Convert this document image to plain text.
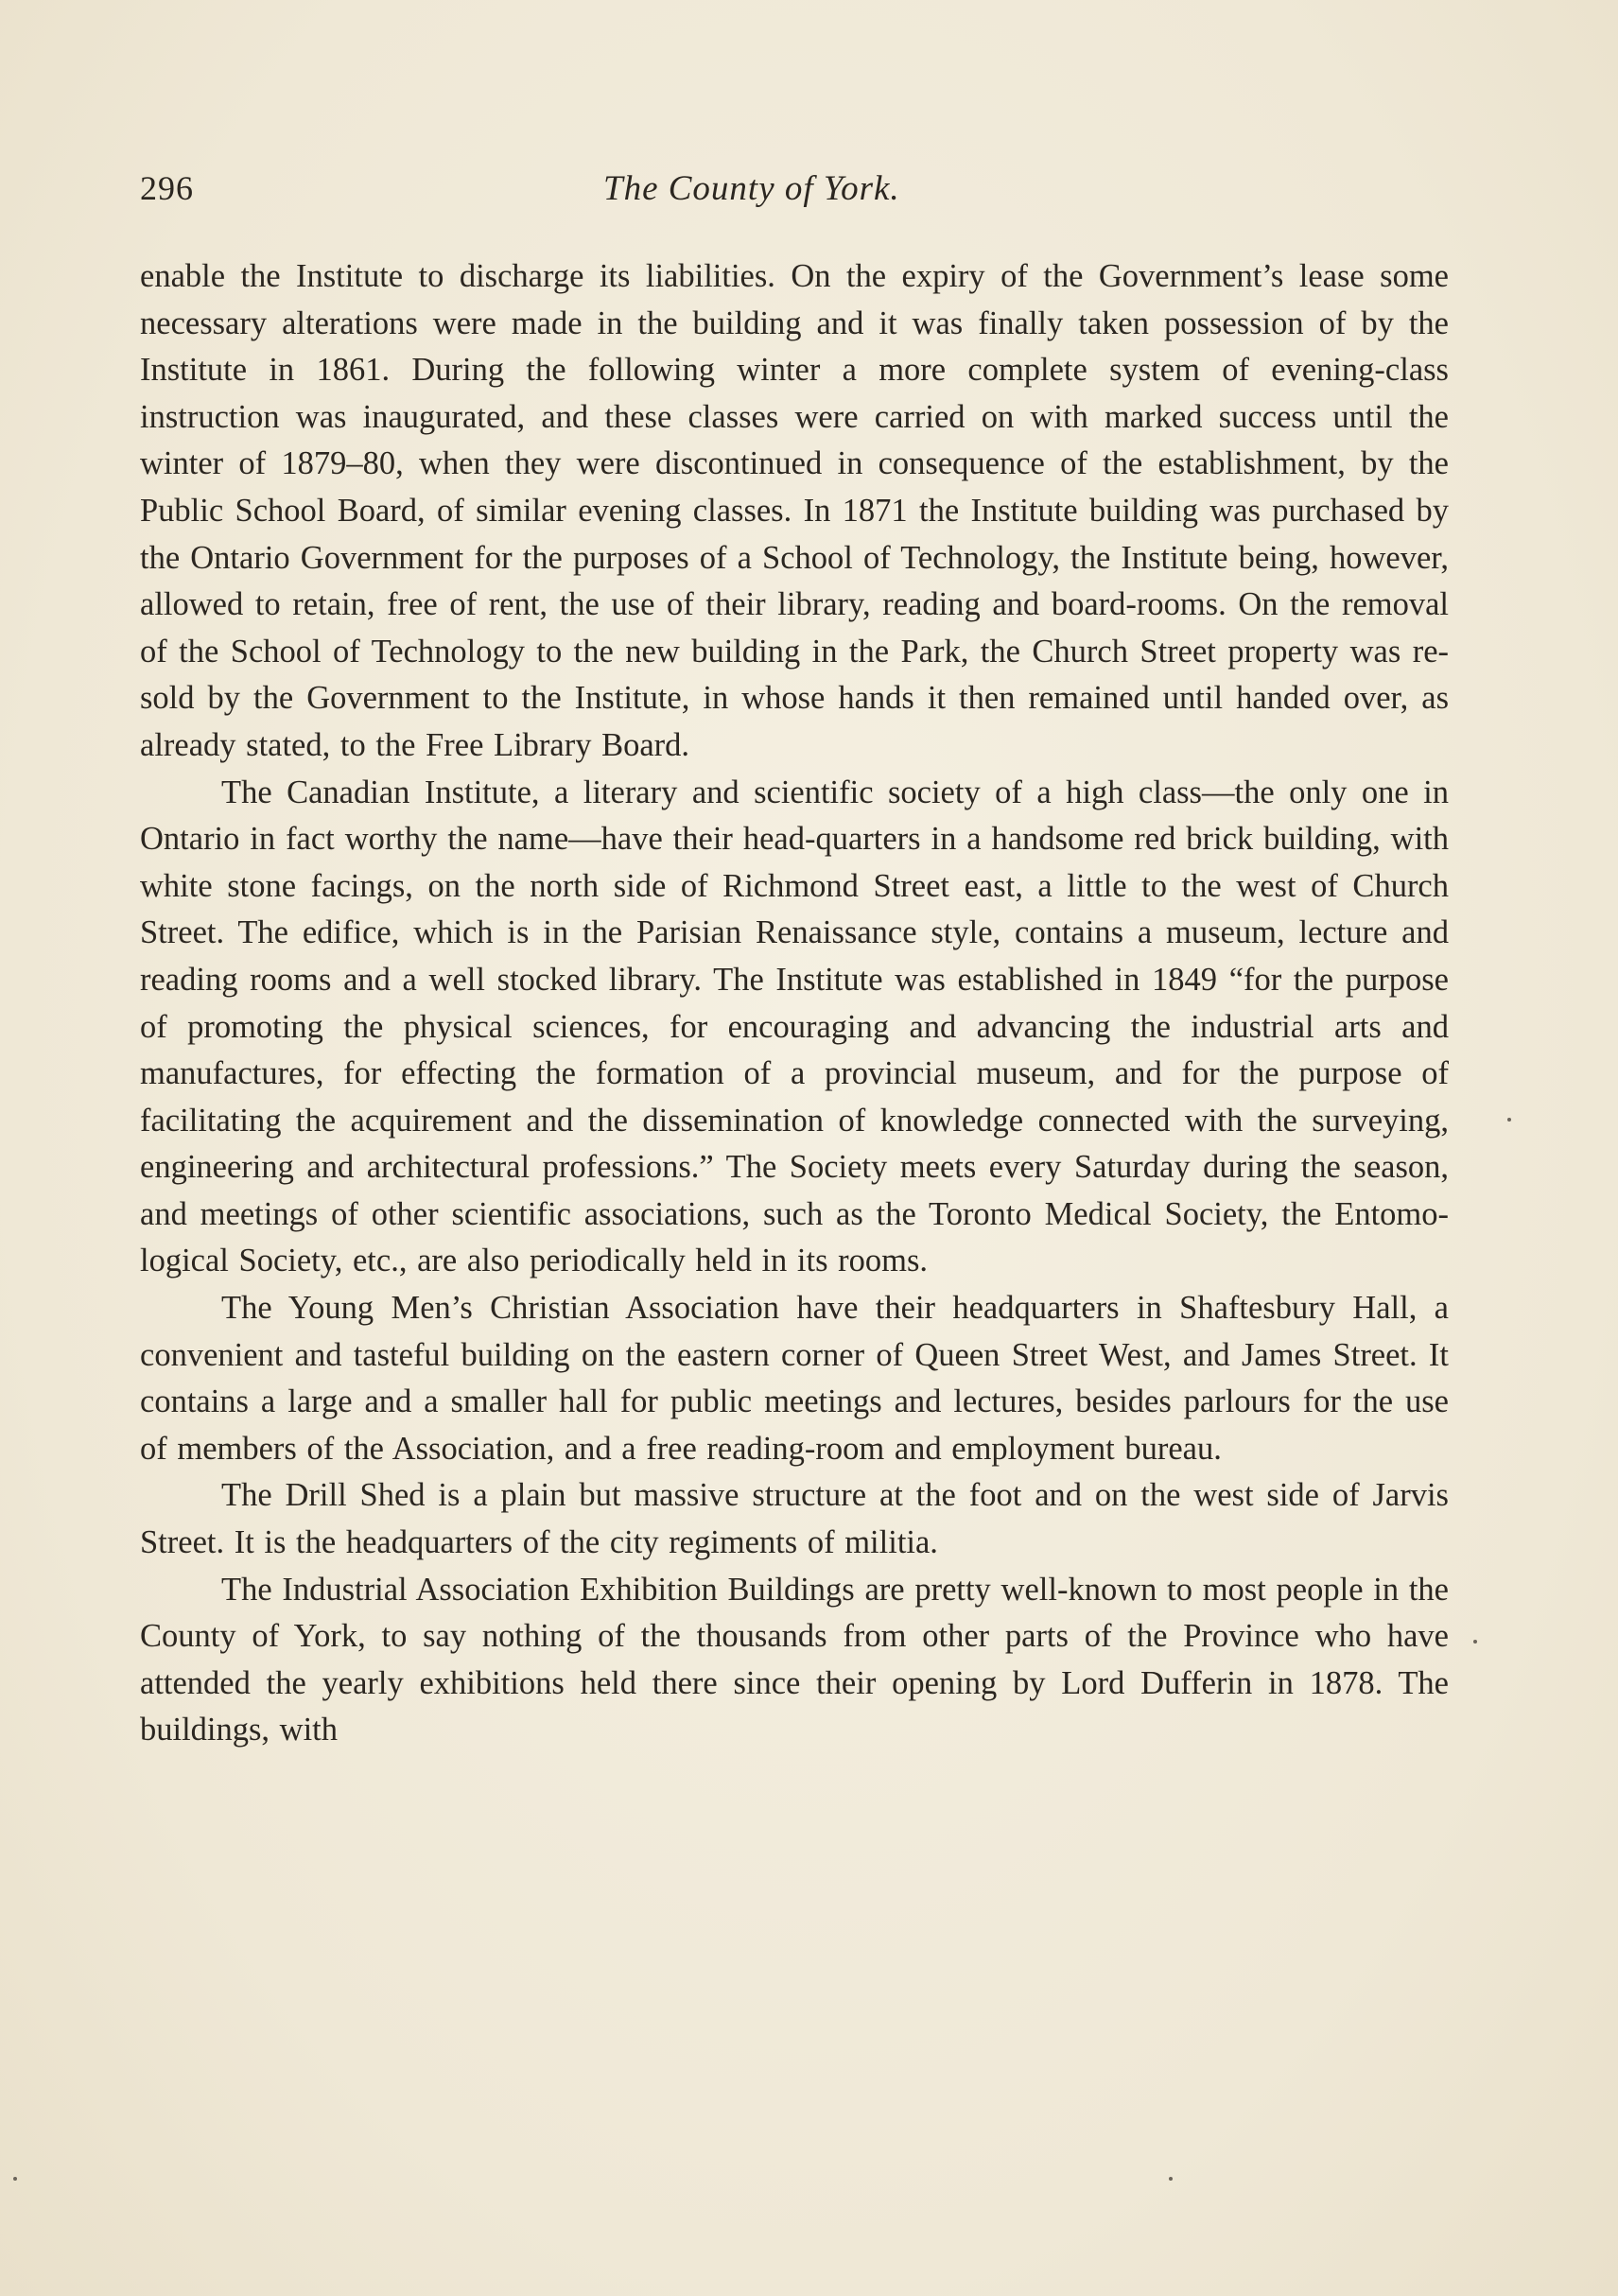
296	The County of York.

enable the Institute to discharge its liabilities. On the expiry of the Government’s lease some necessary alterations were made in the building and it was finally taken possession of by the Institute in 1861. During the following winter a more complete system of evening-class instruction was inaugurated, and these classes were carried on with marked success until the winter of 1879–80, when they were discontinued in consequence of the establishment, by the Public School Board, of similar evening classes. In 1871 the Institute building was purchased by the Ontario Government for the purposes of a School of Technology, the Institute being, however, allowed to retain, free of rent, the use of their library, reading and board-rooms. On the removal of the School of Technology to the new building in the Park, the Church Street property was re-sold by the Government to the Institute, in whose hands it then remained until handed over, as already stated, to the Free Library Board.

The Canadian Institute, a literary and scientific society of a high class—the only one in Ontario in fact worthy the name—have their head-quarters in a handsome red brick building, with white stone facings, on the north side of Richmond Street east, a little to the west of Church Street. The edifice, which is in the Parisian Renaissance style, contains a museum, lecture and reading rooms and a well stocked library. The Institute was established in 1849 “for the purpose of promoting the physical sciences, for encouraging and advancing the industrial arts and manufactures, for effecting the formation of a provincial museum, and for the purpose of facilitating the acquirement and the dissemination of knowledge connected with the surveying, engineering and architectural professions.” The Society meets every Saturday during the season, and meetings of other scientific associations, such as the Toronto Medical Society, the Entomo-logical Society, etc., are also periodically held in its rooms.

The Young Men’s Christian Association have their headquarters in Shaftesbury Hall, a convenient and tasteful building on the eastern corner of Queen Street West, and James Street. It contains a large and a smaller hall for public meetings and lectures, besides parlours for the use of members of the Association, and a free reading-room and employment bureau.

The Drill Shed is a plain but massive structure at the foot and on the west side of Jarvis Street. It is the headquarters of the city regiments of militia.

The Industrial Association Exhibition Buildings are pretty well-known to most people in the County of York, to say nothing of the thousands from other parts of the Province who have attended the yearly exhibitions held there since their opening by Lord Dufferin in 1878. The buildings, with
